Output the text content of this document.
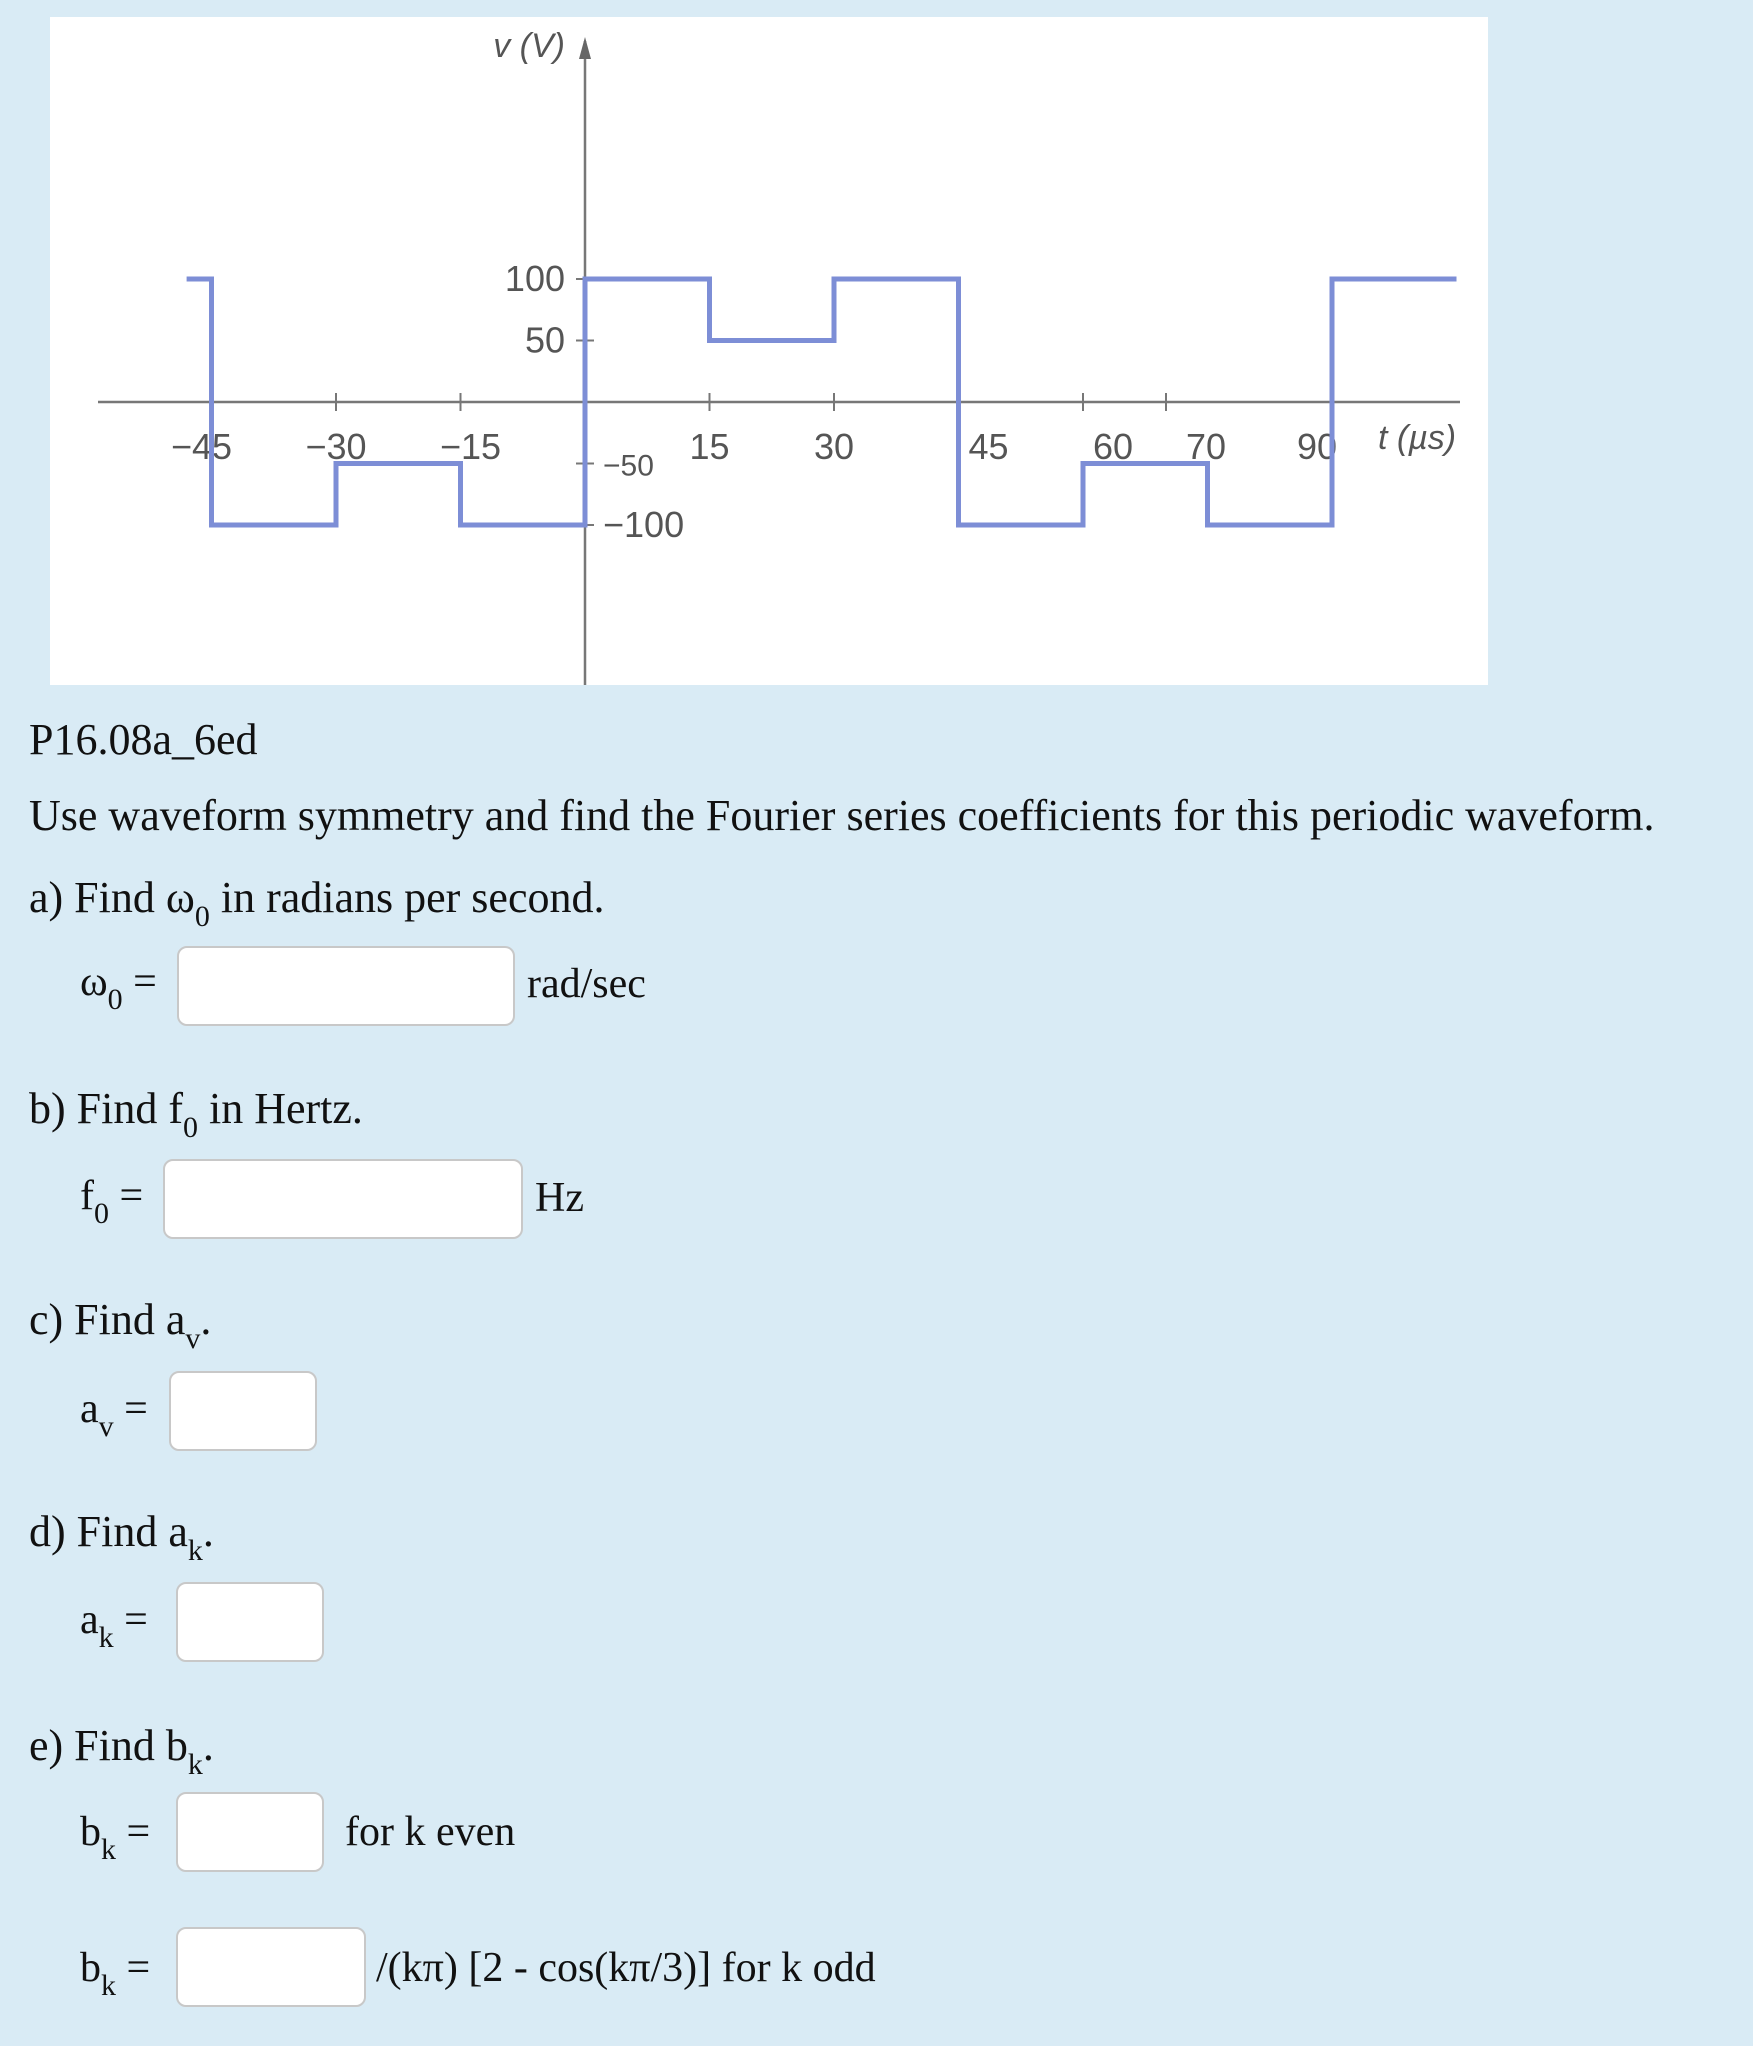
v (V)
t (µs)
−45 −30 −15	15 30	45 60 70 90
100
50
−50
−100
P16.08a_6ed
Use waveform symmetry and find the Fourier series coefficients for this periodic waveform.
a) Find $\omega_0$ in radians per second.
$\omega_0$ =	rad/sec
b) Find $f_0$ in Hertz.
$f_0$ =	Hz
c) Find $a_v$.
$a_v$ =
d) Find $a_k$.
$a_k$ =
e) Find $b_k$.
$b_k$ =	for k even
$b_k$ =	/(kπ) [2 - cos(kπ/3)] for k odd
